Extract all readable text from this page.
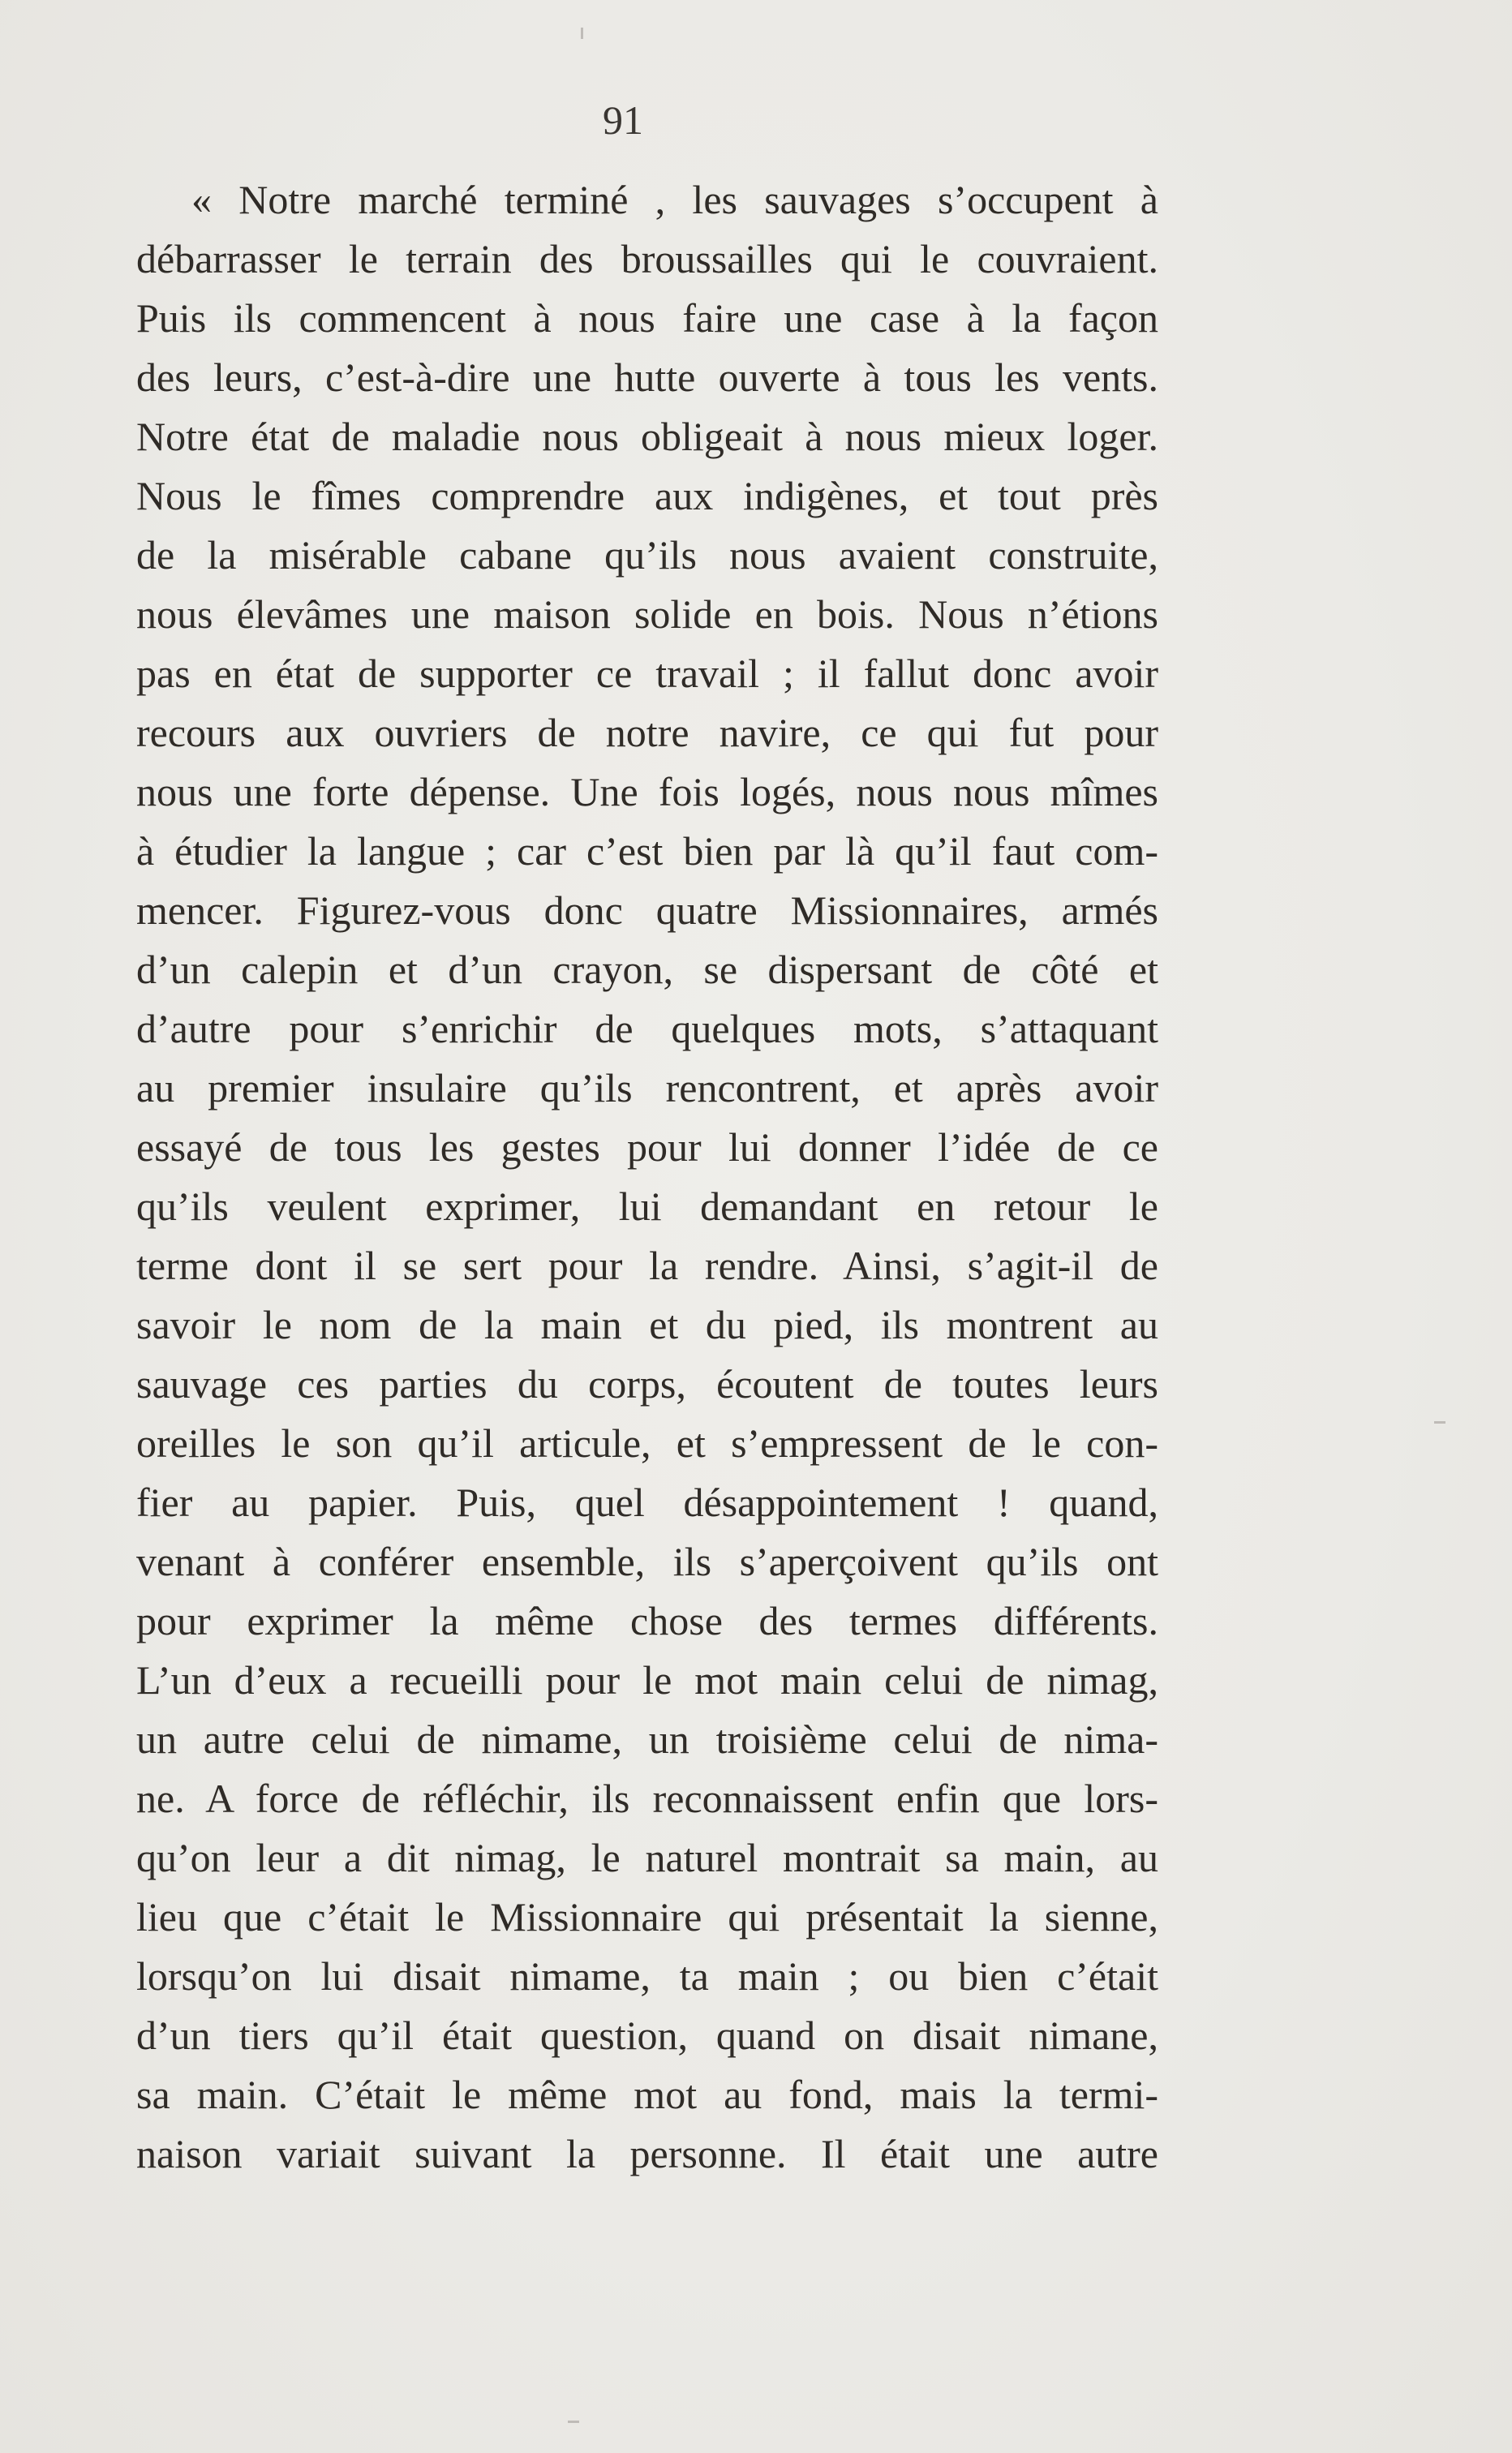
91
« Notre marché terminé , les sauvages s’occupent à
débarrasser le terrain des broussailles qui le couvraient.
Puis ils commencent à nous faire une case à la façon
des leurs, c’est-à-dire une hutte ouverte à tous les vents.
Notre état de maladie nous obligeait à nous mieux loger.
Nous le fîmes comprendre aux indigènes, et tout près
de la misérable cabane qu’ils nous avaient construite,
nous élevâmes une maison solide en bois. Nous n’étions
pas en état de supporter ce travail ; il fallut donc avoir
recours aux ouvriers de notre navire, ce qui fut pour
nous une forte dépense. Une fois logés, nous nous mîmes
à étudier la langue ; car c’est bien par là qu’il faut com-
mencer. Figurez-vous donc quatre Missionnaires, armés
d’un calepin et d’un crayon, se dispersant de côté et
d’autre pour s’enrichir de quelques mots, s’attaquant
au premier insulaire qu’ils rencontrent, et après avoir
essayé de tous les gestes pour lui donner l’idée de ce
qu’ils veulent exprimer, lui demandant en retour le
terme dont il se sert pour la rendre. Ainsi, s’agit-il de
savoir le nom de la main et du pied, ils montrent au
sauvage ces parties du corps, écoutent de toutes leurs
oreilles le son qu’il articule, et s’empressent de le con-
fier au papier. Puis, quel désappointement ! quand,
venant à conférer ensemble, ils s’aperçoivent qu’ils ont
pour exprimer la même chose des termes différents.
L’un d’eux a recueilli pour le mot main celui de nimag,
un autre celui de nimame, un troisième celui de nima-
ne. A force de réfléchir, ils reconnaissent enfin que lors-
qu’on leur a dit nimag, le naturel montrait sa main, au
lieu que c’était le Missionnaire qui présentait la sienne,
lorsqu’on lui disait nimame, ta main ; ou bien c’était
d’un tiers qu’il était question, quand on disait nimane,
sa main. C’était le même mot au fond, mais la termi-
naison variait suivant la personne. Il était une autre
